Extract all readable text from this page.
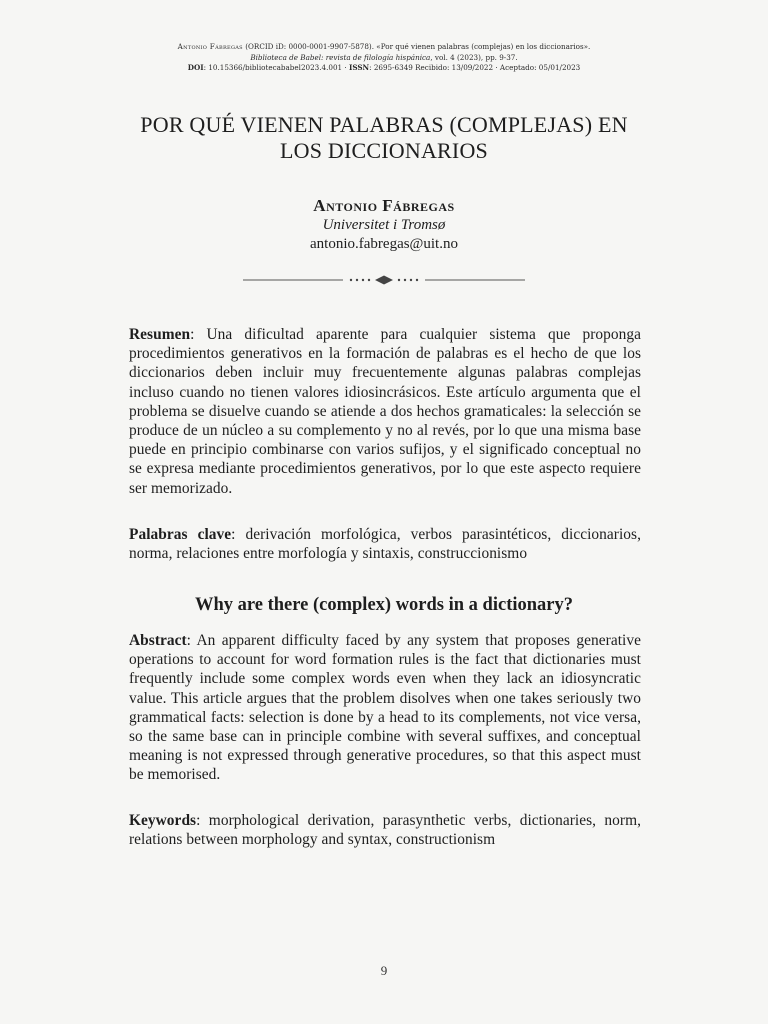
Antonio Fábregas (ORCID iD: 0000-0001-9907-5878). «Por qué vienen palabras (complejas) en los diccionarios».
Biblioteca de Babel: revista de filología hispánica, vol. 4 (2023), pp. 9-37.
DOI: 10.15366/bibliotecababel2023.4.001 · ISSN: 2695-6349 Recibido: 13/09/2022 · Aceptado: 05/01/2023
POR QUÉ VIENEN PALABRAS (COMPLEJAS) EN
LOS DICCIONARIOS
Antonio Fábregas
Universitet i Tromsø
antonio.fabregas@uit.no

Resumen: Una dificultad aparente para cualquier sistema que proponga procedimientos generativos en la formación de palabras es el hecho de que los diccionarios deben incluir muy frecuentemente algunas palabras complejas incluso cuando no tienen valores idiosincrásicos. Este artículo argumenta que el problema se disuelve cuando se atiende a dos hechos gramaticales: la selección se produce de un núcleo a su complemento y no al revés, por lo que una misma base puede en principio combinarse con varios sufijos, y el significado conceptual no se expresa mediante procedimientos generativos, por lo que este aspecto requiere ser memorizado.

Palabras clave: derivación morfológica, verbos parasintéticos, diccionarios, norma, relaciones entre morfología y sintaxis, construccionismo

Why are there (complex) words in a dictionary?

Abstract: An apparent difficulty faced by any system that proposes generative operations to account for word formation rules is the fact that dictionaries must frequently include some complex words even when they lack an idiosyncratic value. This article argues that the problem disolves when one takes seriously two grammatical facts: selection is done by a head to its complements, not vice versa, so the same base can in principle combine with several suffixes, and conceptual meaning is not expressed through generative procedures, so that this aspect must be memorised.

Keywords: morphological derivation, parasynthetic verbs, dictionaries, norm, relations between morphology and syntax, constructionism

9
